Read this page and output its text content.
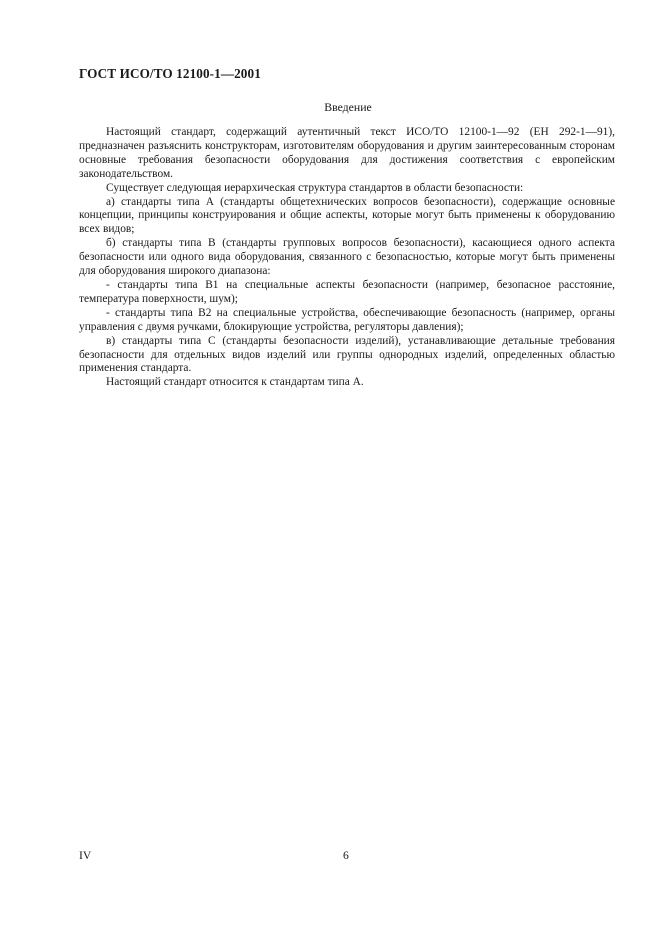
ГОСТ ИСО/ТО 12100-1—2001
Введение

Настоящий стандарт, содержащий аутентичный текст ИСО/ТО 12100-1—92 (ЕН 292-1—91), предназначен разъяснить конструкторам, изготовителям оборудования и другим заинтересованным сторонам основные требования безопасности оборудования для достижения соответствия с европейским законодательством.

Существует следующая иерархическая структура стандартов в области безопасности:

а) стандарты типа А (стандарты общетехнических вопросов безопасности), содержащие основные концепции, принципы конструирования и общие аспекты, которые могут быть применены к оборудованию всех видов;

б) стандарты типа В (стандарты групповых вопросов безопасности), касающиеся одного аспекта безопасности или одного вида оборудования, связанного с безопасностью, которые могут быть применены для оборудования широкого диапазона:

- стандарты типа В1 на специальные аспекты безопасности (например, безопасное расстояние, температура поверхности, шум);

- стандарты типа В2 на специальные устройства, обеспечивающие безопасность (например, органы управления с двумя ручками, блокирующие устройства, регуляторы давления);

в) стандарты типа С (стандарты безопасности изделий), устанавливающие детальные требования безопасности для отдельных видов изделий или группы однородных изделий, определенных областью применения стандарта.

Настоящий стандарт относится к стандартам типа А.

IV	6
